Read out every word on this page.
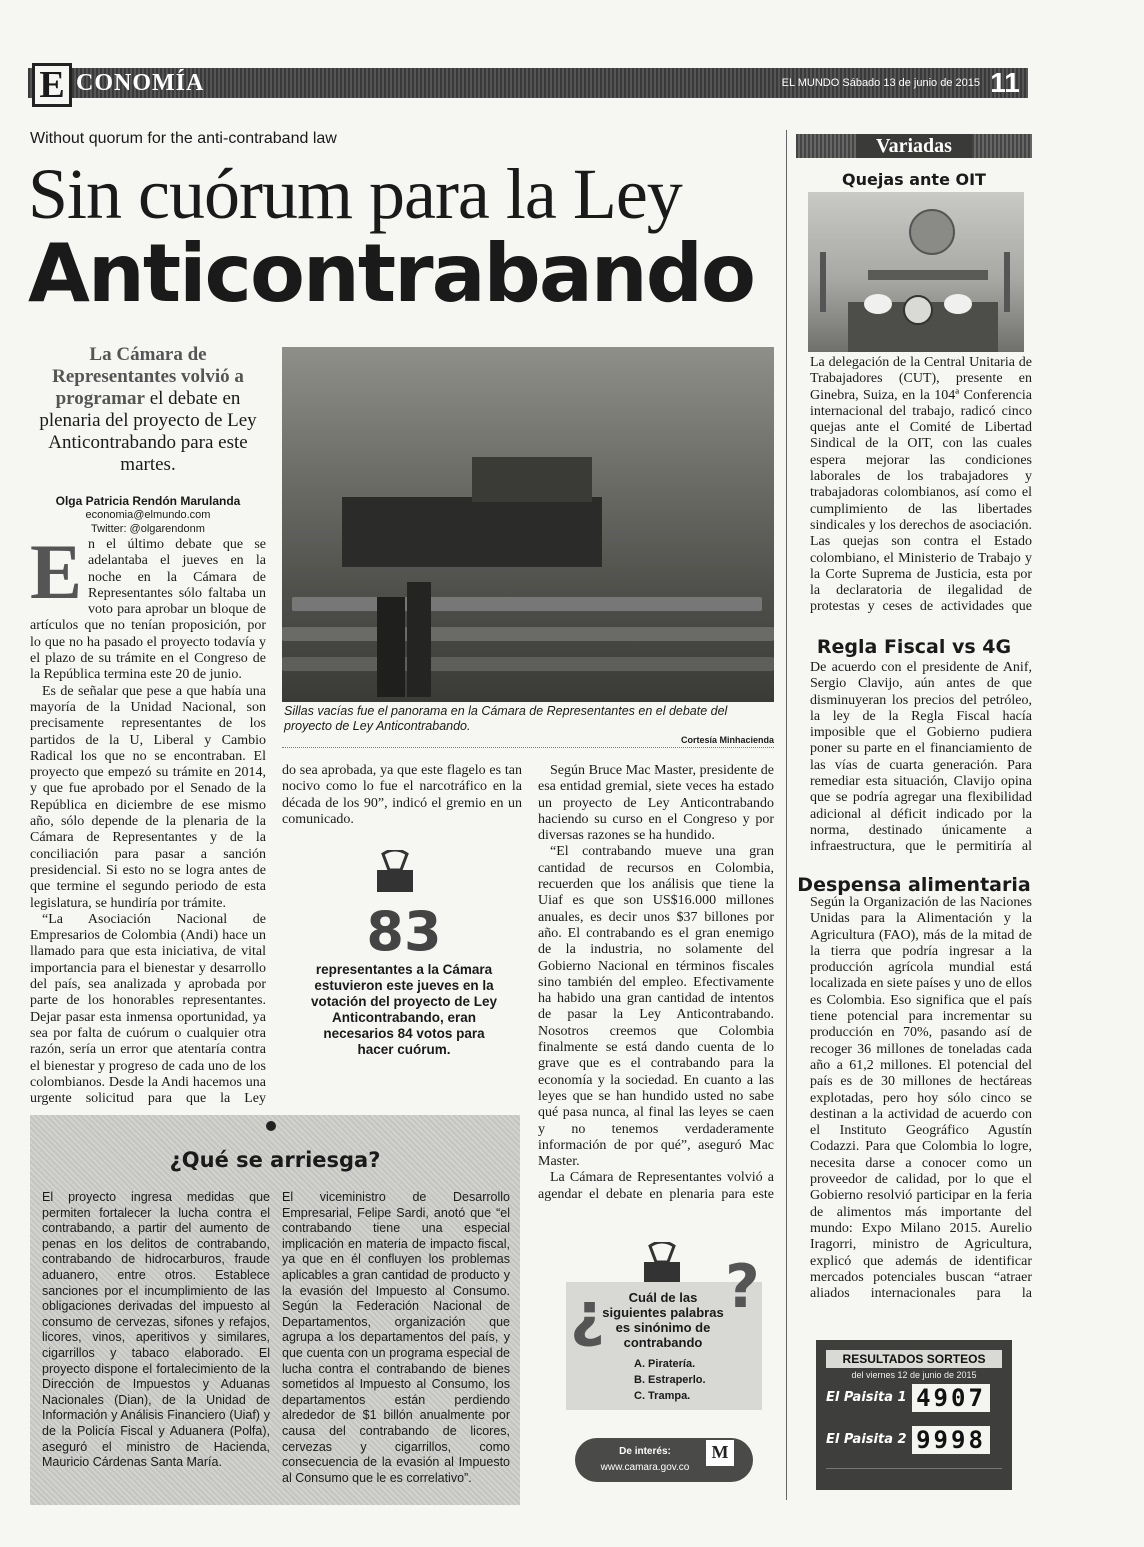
E CONOMÍA	EL MUNDO Sábado 13 de junio de 2015 11
Without quorum for the anti-contraband law
Sin cuórum para la Ley
Anticontrabando
La Cámara de Representantes volvió a programar el debate en plenaria del proyecto de Ley Anticontrabando para este martes.
Olga Patricia Rendón Marulanda
economia@elmundo.com
Twitter: @olgarendonm

En el último debate que se adelantaba el jueves en la noche en la Cámara de Representantes sólo faltaba un voto para aprobar un bloque de artículos que no tenían proposición, por lo que no ha pasado el proyecto todavía y el plazo de su trámite en el Congreso de la República termina este 20 de junio.

Es de señalar que pese a que había una mayoría de la Unidad Nacional, son precisamente representantes de los partidos de la U, Liberal y Cambio Radical los que no se encontraban. El proyecto que empezó su trámite en 2014, y que fue aprobado por el Senado de la República en diciembre de ese mismo año, sólo depende de la plenaria de la Cámara de Representantes y de la conciliación para pasar a sanción presidencial. Si esto no se logra antes de que termine el segundo periodo de esta legislatura, se hundiría por trámite.

“La Asociación Nacional de Empresarios de Colombia (Andi) hace un llamado para que esta iniciativa, de vital importancia para el bienestar y desarrollo del país, sea analizada y aprobada por parte de los honorables representantes. Dejar pasar esta inmensa oportunidad, ya sea por falta de cuórum o cualquier otra razón, sería un error que atentaría contra el bienestar y progreso de cada uno de los colombianos. Desde la Andi hacemos una urgente solicitud para que la Ley

Sillas vacías fue el panorama en la Cámara de Representantes en el debate del proyecto de Ley Anticontrabando.
Cortesía Minhacienda

do sea aprobada, ya que este flagelo es tan nocivo como lo fue el narcotráfico en la década de los 90”, indicó el gremio en un comunicado.

Según Bruce Mac Master, presidente de esa entidad gremial, siete veces ha estado un proyecto de Ley Anticontrabando haciendo su curso en el Congreso y por diversas razones se ha hundido.

“El contrabando mueve una gran cantidad de recursos en Colombia, recuerden que los análisis que tiene la Uiaf es que son US$16.000 millones anuales, es decir unos $37 billones por año. El contrabando es el gran enemigo de la industria, no solamente del Gobierno Nacional en términos fiscales sino también del empleo. Efectivamente ha habido una gran cantidad de intentos de pasar la Ley Anticontrabando. Nosotros creemos que Colombia finalmente se está dando cuenta de lo grave que es el contrabando para la economía y la sociedad. En cuanto a las leyes que se han hundido usted no sabe qué pasa nunca, al final las leyes se caen y no tenemos verdaderamente información de por qué”, aseguró Mac Master.

La Cámara de Representantes volvió a agendar el debate en plenaria para este

83
representantes a la Cámara estuvieron este jueves en la votación del proyecto de Ley Anticontrabando, eran necesarios 84 votos para hacer cuórum.
¿Qué se arriesga?
El proyecto ingresa medidas que permiten fortalecer la lucha contra el contrabando, a partir del aumento de penas en los delitos de contrabando, contrabando de hidrocarburos, fraude aduanero, entre otros. Establece sanciones por el incumplimiento de las obligaciones derivadas del impuesto al consumo de cervezas, sifones y refajos, licores, vinos, aperitivos y similares, cigarrillos y tabaco elaborado. El proyecto dispone el fortalecimiento de la Dirección de Impuestos y Aduanas Nacionales (Dian), de la Unidad de Información y Análisis Financiero (Uiaf) y de la Policía Fiscal y Aduanera (Polfa), aseguró el ministro de Hacienda, Mauricio Cárdenas Santa María.
El viceministro de Desarrollo Empresarial, Felipe Sardi, anotó que “el contrabando tiene una especial implicación en materia de impacto fiscal, ya que en él confluyen los problemas aplicables a gran cantidad de producto y la evasión del Impuesto al Consumo. Según la Federación Nacional de Departamentos, organización que agrupa a los departamentos del país, y que cuenta con un programa especial de lucha contra el contrabando de bienes sometidos al Impuesto al Consumo, los departamentos están perdiendo alrededor de $1 billón anualmente por causa del contrabando de licores, cervezas y cigarrillos, como consecuencia de la evasión al Impuesto al Consumo que le es correlativo”.
¿ ?
Cuál de las siguientes palabras es sinónimo de contrabando
A. Piratería.
B. Estraperlo.
C. Trampa.
De interés:
www.camara.gov.co
M
Variadas
Quejas ante OIT
La delegación de la Central Unitaria de Trabajadores (CUT), presente en Ginebra, Suiza, en la 104ª Conferencia internacional del trabajo, radicó cinco quejas ante el Comité de Libertad Sindical de la OIT, con las cuales espera mejorar las condiciones laborales de los trabajadores y trabajadoras colombianos, así como el cumplimiento de las libertades sindicales y los derechos de asociación. Las quejas son contra el Estado colombiano, el Ministerio de Trabajo y la Corte Suprema de Justicia, esta por la declaratoria de ilegalidad de protestas y ceses de actividades que
Regla Fiscal vs 4G
De acuerdo con el presidente de Anif, Sergio Clavijo, aún antes de que disminuyeran los precios del petróleo, la ley de la Regla Fiscal hacía imposible que el Gobierno pudiera poner su parte en el financiamiento de las vías de cuarta generación. Para remediar esta situación, Clavijo opina que se podría agregar una flexibilidad adicional al déficit indicado por la norma, destinado únicamente a infraestructura, que le permitiría al
Despensa alimentaria
Según la Organización de las Naciones Unidas para la Alimentación y la Agricultura (FAO), más de la mitad de la tierra que podría ingresar a la producción agrícola mundial está localizada en siete países y uno de ellos es Colombia. Eso significa que el país tiene potencial para incrementar su producción en 70%, pasando así de recoger 36 millones de toneladas cada año a 61,2 millones. El potencial del país es de 30 millones de hectáreas explotadas, pero hoy sólo cinco se destinan a la actividad de acuerdo con el Instituto Geográfico Agustín Codazzi. Para que Colombia lo logre, necesita darse a conocer como un proveedor de calidad, por lo que el Gobierno resolvió participar en la feria de alimentos más importante del mundo: Expo Milano 2015. Aurelio Iragorri, ministro de Agricultura, explicó que además de identificar mercados potenciales buscan “atraer aliados internacionales para la
RESULTADOS SORTEOS
del viernes 12 de junio de 2015
El Paisita 1 4907
El Paisita 2 9998
